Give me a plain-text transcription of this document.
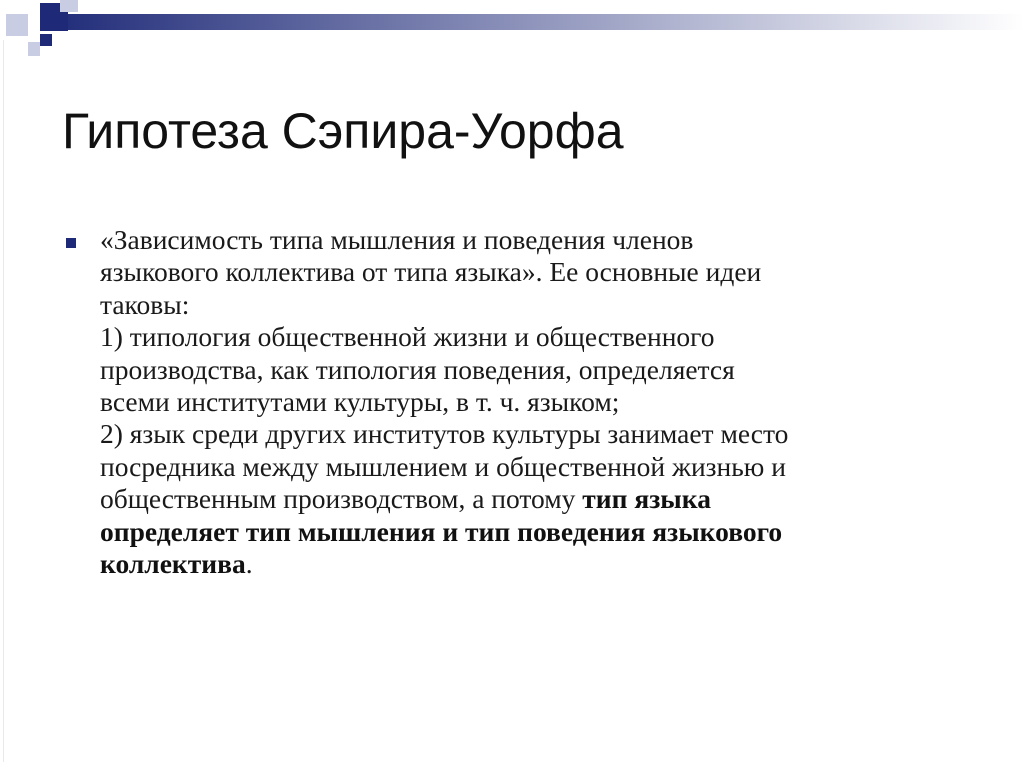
Гипотеза Сэпира-Уорфа

«Зависимость типа мышления и поведения членов
языкового коллектива от типа языка». Ее основные идеи
таковы:
1) типология общественной жизни и общественного
производства, как типология поведения, определяется
всеми институтами культуры, в т. ч. языком;
2) язык среди других институтов культуры занимает место
посредника между мышлением и общественной жизнью и
общественным производством, а потому тип языка
определяет тип мышления и тип поведения языкового
коллектива.
